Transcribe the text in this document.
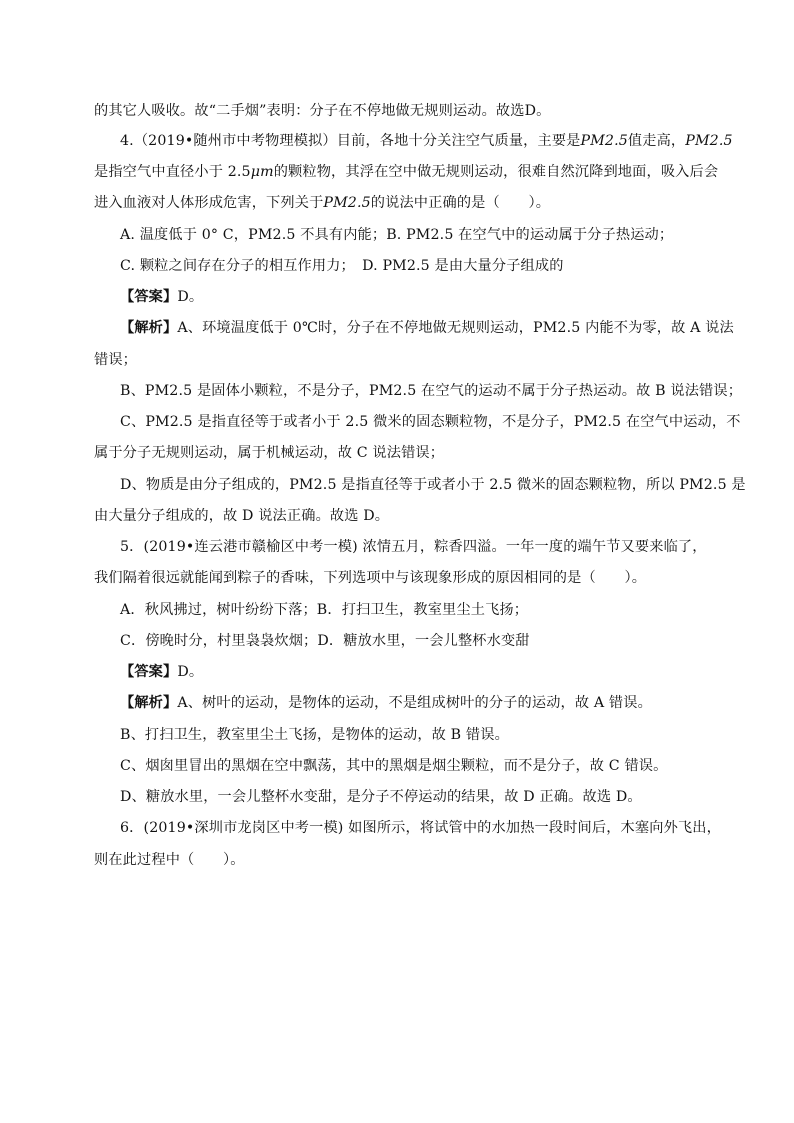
的其它人吸收。故“二手烟”表明：分子在不停地做无规则运动。故选D。
4.（2019•随州市中考物理模拟）目前，各地十分关注空气质量，主要是PM2.5值走高，PM2.5
是指空气中直径小于 2.5μm的颗粒物，其浮在空中做无规则运动，很难自然沉降到地面，吸入后会
进入血液对人体形成危害，下列关于PM2.5的说法中正确的是（　　）。
A. 温度低于 0° C，PM2.5 不具有内能；B. PM2.5 在空气中的运动属于分子热运动；
C. 颗粒之间存在分子的相互作用力；　D. PM2.5 是由大量分子组成的
【答案】D。
【解析】A、环境温度低于 0℃时，分子在不停地做无规则运动，PM2.5 内能不为零，故 A 说法
错误；
B、PM2.5 是固体小颗粒，不是分子，PM2.5 在空气的运动不属于分子热运动。故 B 说法错误；
C、PM2.5 是指直径等于或者小于 2.5 微米的固态颗粒物，不是分子，PM2.5 在空气中运动，不
属于分子无规则运动，属于机械运动，故 C 说法错误；
D、物质是由分子组成的，PM2.5 是指直径等于或者小于 2.5 微米的固态颗粒物，所以 PM2.5 是
由大量分子组成的，故 D 说法正确。故选 D。
5．(2019•连云港市赣榆区中考一模) 浓情五月，粽香四溢。一年一度的端午节又要来临了，
我们隔着很远就能闻到粽子的香味，下列选项中与该现象形成的原因相同的是（　　）。
A．秋风拂过，树叶纷纷下落；B．打扫卫生，教室里尘土飞扬；
C．傍晚时分，村里袅袅炊烟；D．糖放水里，一会儿整杯水变甜
【答案】D。
【解析】A、树叶的运动，是物体的运动，不是组成树叶的分子的运动，故 A 错误。
B、打扫卫生，教室里尘土飞扬，是物体的运动，故 B 错误。
C、烟囱里冒出的黑烟在空中飘荡，其中的黑烟是烟尘颗粒，而不是分子，故 C 错误。
D、糖放水里，一会儿整杯水变甜，是分子不停运动的结果，故 D 正确。故选 D。
6．(2019•深圳市龙岗区中考一模) 如图所示，将试管中的水加热一段时间后，木塞向外飞出，
则在此过程中（　　）。
